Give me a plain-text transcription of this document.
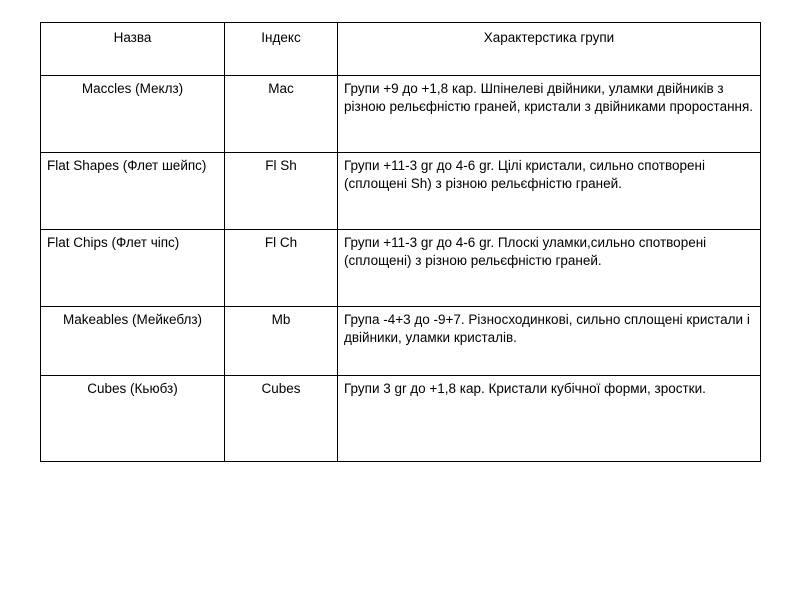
Назва	Індекс	Характерстика групи
Maccles (Меклз)	Mac	Групи +9 до +1,8 кар. Шпінелеві двійники, уламки двійників з різною рельєфністю граней, кристали з двійниками проростання.
Flat Shapes (Флет шейпс)	Fl Sh	Групи +11-3 gr до 4-6 gr. Цілі кристали, сильно спотворені (сплощені Sh) з різною рельєфністю граней.
Flat Chips (Флет чіпс)	Fl Ch	Групи +11-3 gr до 4-6 gr. Плоскі уламки,сильно спотворені (сплощені) з різною рельєфністю граней.
Makeables (Мейкеблз)	Mb	Група -4+3 до -9+7. Різносходинкові, сильно сплощені кристали і двійники, уламки кристалів.
Cubes (Кьюбз)	Cubes	Групи 3 gr до +1,8 кар. Кристали кубічної форми, зростки.
